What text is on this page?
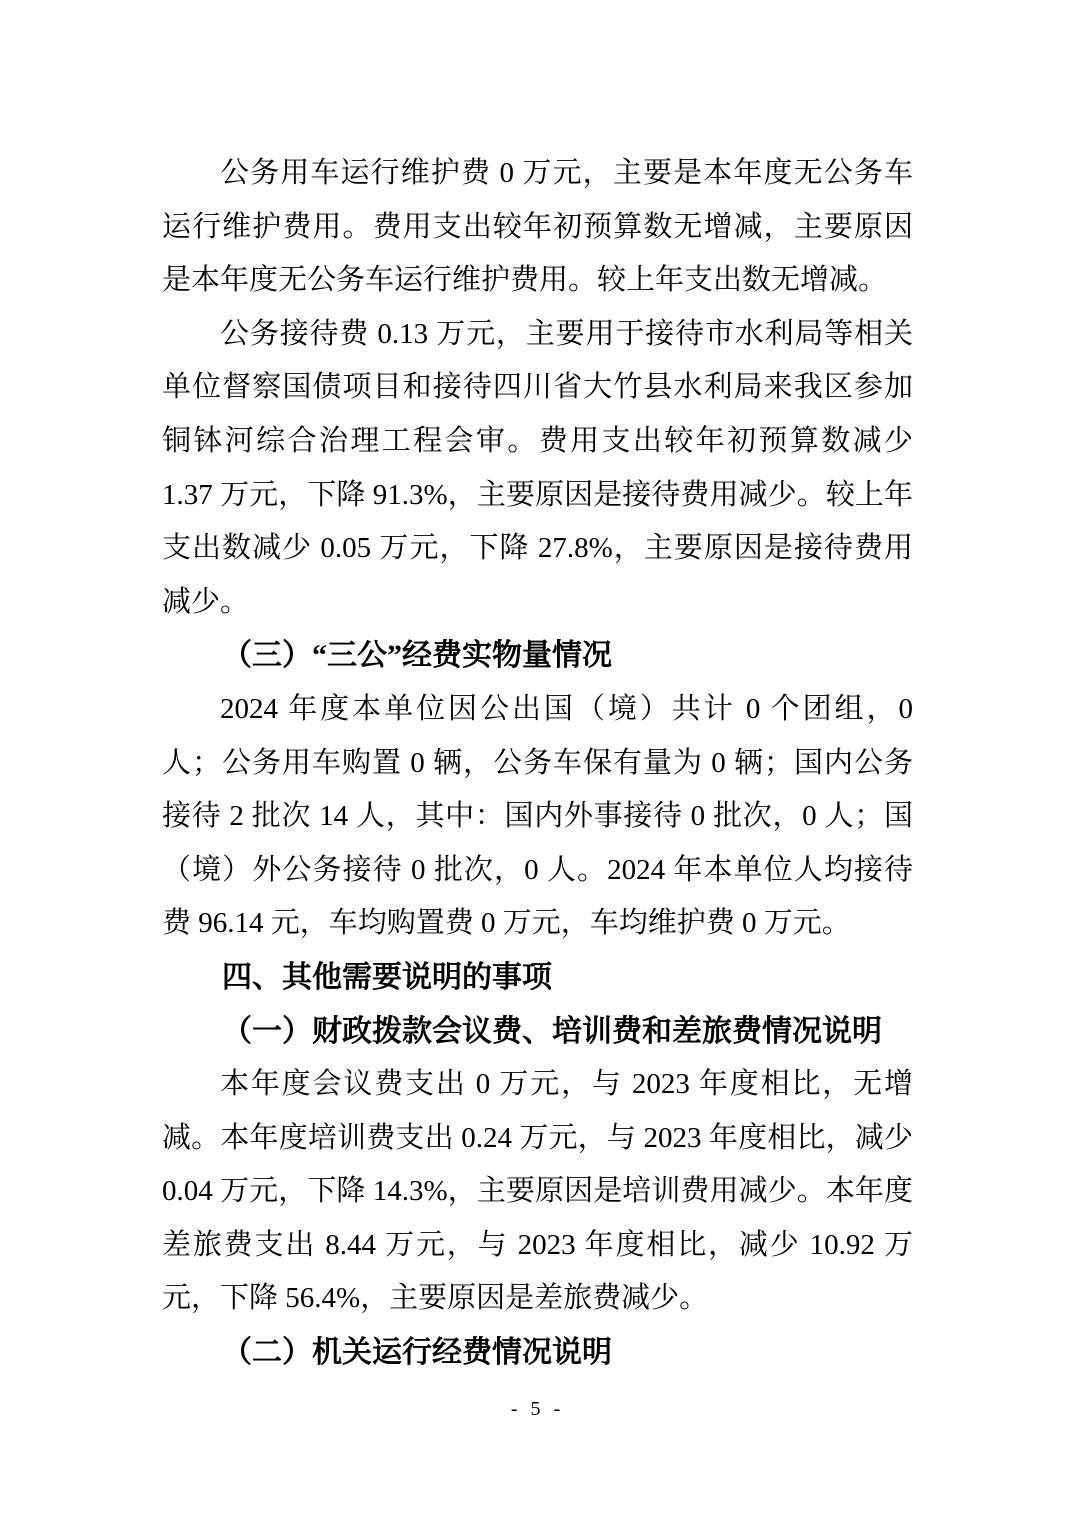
公务用车运行维护费 0 万元，主要是本年度无公务车运行维护费用。费用支出较年初预算数无增减，主要原因是本年度无公务车运行维护费用。较上年支出数无增减。

公务接待费 0.13 万元，主要用于接待市水利局等相关单位督察国债项目和接待四川省大竹县水利局来我区参加铜钵河综合治理工程会审。费用支出较年初预算数减少 1.37 万元，下降 91.3%，主要原因是接待费用减少。较上年支出数减少 0.05 万元，下降 27.8%，主要原因是接待费用减少。

（三）“三公”经费实物量情况

2024 年度本单位因公出国（境）共计 0 个团组，0 人；公务用车购置 0 辆，公务车保有量为 0 辆；国内公务接待 2 批次 14 人，其中：国内外事接待 0 批次，0 人；国（境）外公务接待 0 批次，0 人。2024 年本单位人均接待费 96.14 元，车均购置费 0 万元，车均维护费 0 万元。

四、其他需要说明的事项

（一）财政拨款会议费、培训费和差旅费情况说明

本年度会议费支出 0 万元，与 2023 年度相比，无增减。本年度培训费支出 0.24 万元，与 2023 年度相比，减少 0.04 万元，下降 14.3%，主要原因是培训费用减少。本年度差旅费支出 8.44 万元，与 2023 年度相比，减少 10.92 万元，下降 56.4%，主要原因是差旅费减少。

（二）机关运行经费情况说明

- 5 -
